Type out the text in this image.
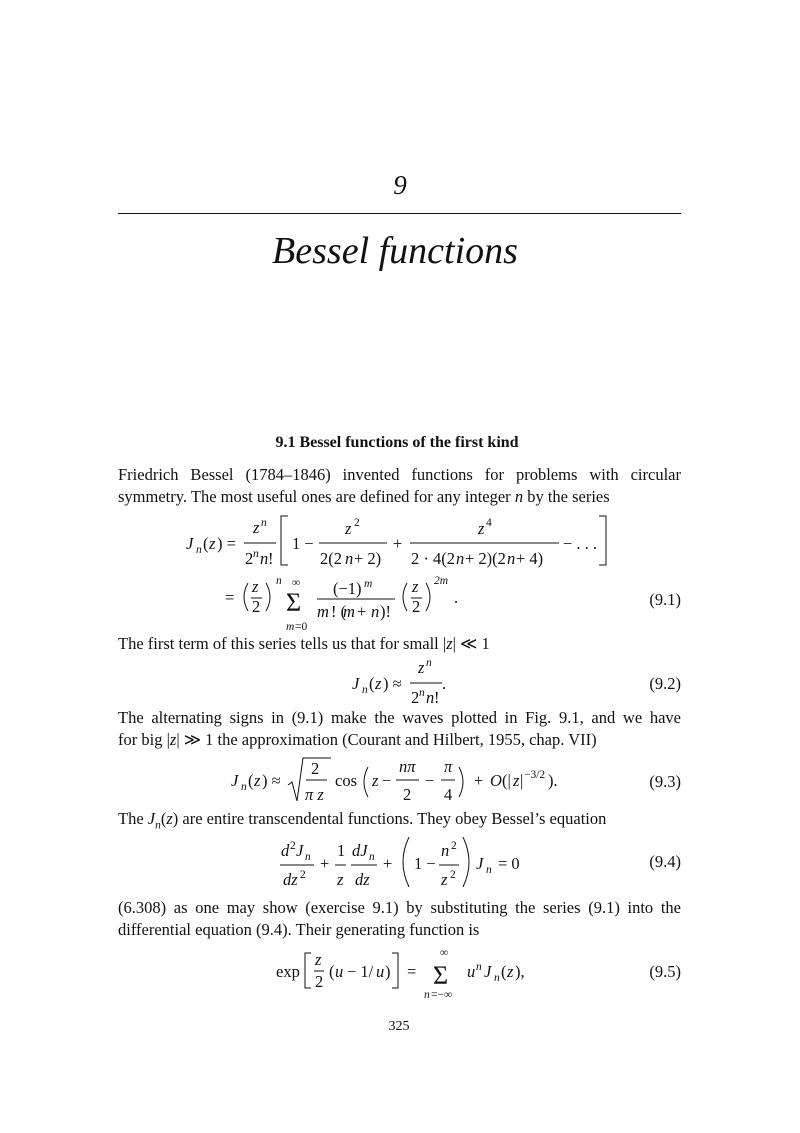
9
Bessel functions
9.1 Bessel functions of the first kind
Friedrich Bessel (1784–1846) invented functions for problems with circular
symmetry. The most useful ones are defined for any integer n by the series
J n ( z ) =
z n
2 n n !
1 −
z 2
2(2 n + 2)
+
z 4
2 · 4(2 n + 2)(2 n + 4)
− . . .
=
z
2
n ∞
Σ
m =0
(−1) m
m ! (
m + n )!
z
2
2m
.	(9.1)
The first term of this series tells us that for small |z| ≪ 1
J n ( z ) ≈
z n
2 n n !
.	(9.2)
The alternating signs in (9.1) make the waves plotted in Fig. 9.1, and we have
for big |z| ≫ 1 the approximation (Courant and Hilbert, 1955, chap. VII)
J n ( z ) ≈
2
π z
cos z −
nπ
2
−
π
4
+ O (| z | −3/2 ).	(9.3)
The $J_n(z)$ are entire transcendental functions. They obey Bessel’s equation
d 2 J n
dz 2
+
1
z
dJ n
dz
+ 1 −
n 2
z 2
J n = 0	(9.4)
(6.308) as one may show (exercise 9.1) by substituting the series (9.1) into the
differential equation (9.4). Their generating function is
exp
z
2
( u − 1/ u ) =
∞
Σ
n =−∞
u n J n ( z ),	(9.5)
325
